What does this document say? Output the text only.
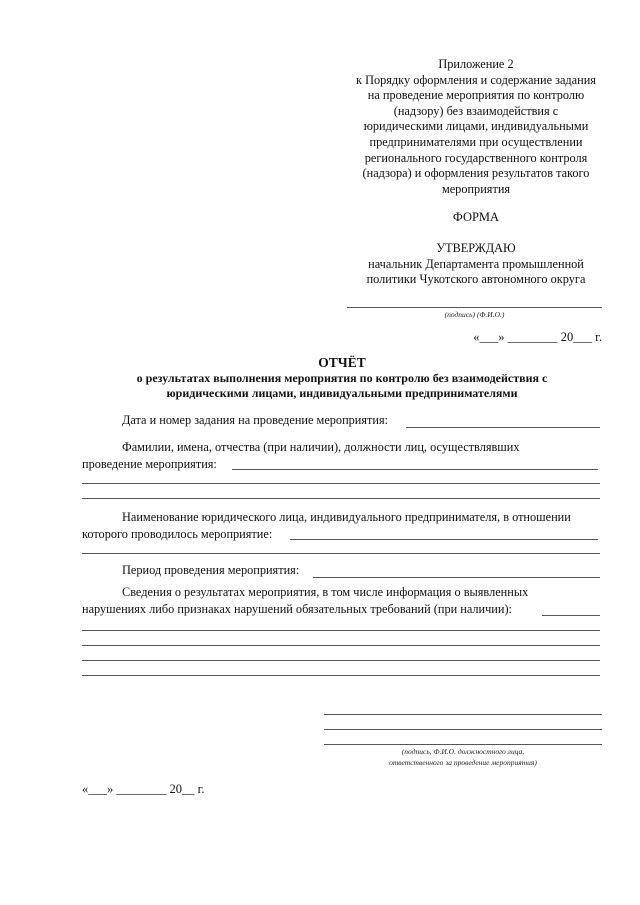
Приложение 2
к Порядку оформления и содержание задания
на проведение мероприятия по контролю
(надзору) без взаимодействия с
юридическими лицами, индивидуальными
предпринимателями при осуществлении
регионального государственного контроля
(надзора) и оформления результатов такого
мероприятия
ФОРМА
УТВЕРЖДАЮ
начальник Департамента промышленной
политики Чукотского автономного округа
(подпись) (Ф.И.О.)
«___» ________ 20___ г.
ОТЧЁТ
о результатах выполнения мероприятия по контролю без взаимодействия с
юридическими лицами, индивидуальными предпринимателями
Дата и номер задания на проведение мероприятия:
Фамилии, имена, отчества (при наличии), должности лиц, осуществлявших
проведение мероприятия:
Наименование юридического лица, индивидуального предпринимателя, в отношении
которого проводилось мероприятие:
Период проведения мероприятия:
Сведения о результатах мероприятия, в том числе информация о выявленных
нарушениях либо признаках нарушений обязательных требований (при наличии):
(подпись, Ф.И.О. должностного лица,
ответственного за проведение мероприятия)
«___» ________ 20__ г.
